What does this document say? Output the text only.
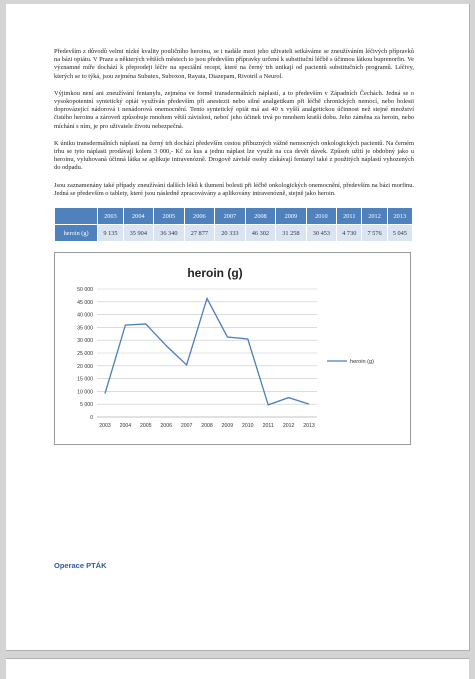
Především z důvodů velmi nízké kvality pouličního heroinu, se i nadále mezi jeho uživateli setkáváme se zneužíváním léčivých přípravků na bázi opiátu. V Praze a některých větších městech to jsou především přípravky určené k substituční léčbě s účinnou látkou buprenorfin. Ve významné míře dochází k přeprodeji léčiv na speciální recept, které na černý trh unikají od pacientů substitučních programů. Léčivy, kterých se to týká, jsou zejména Subutex, Suboxon, Rayata, Diazepam, Rivotril a Neurol.

Výjimkou není ani zneužívání fentanylu, zejména ve formě transdermálních náplastí, a to především v Západních Čechách. Jedná se o vysokopotentní syntetický opiát využíván především při anestezii nebo silné analgetikum při léčbě chronických nemocí, nebo bolesti doprovázející nádorová i nenádorová onemocnění. Tento syntetický opiát má asi 40 x vyšší analgetickou účinnost než stejné množství čistého heroinu a zároveň způsobuje mnohem větší závislost, neboť jeho účinek trvá po mnohem kratší dobu. Jeho záměna za heroin, nebo míchání s ním, je pro uživatele životu nebezpečná.

K úniku transdermálních náplastí na černý trh dochází především cestou příbuzných vážně nemocných onkologických pacientů. Na černém trhu se tyto náplasti prodávají kolem 3 000,- Kč za kus a jednu náplast lze využít na cca devět dávek. Způsob užití je obdobný jako u heroinu, vyluhovaná účinná látka se aplikuje intravenózně. Drogově závislé osoby získávají fentanyl také z použitých náplastí vyhozených do odpadu.

Jsou zaznamenány také případy zneužívání dalších léků k tlumení bolesti při léčbě onkologických onemocnění, především na bázi morfinu. Jedná se především o tablety, které jsou následně zpracovávány a aplikovány intravenózně, stejně jako heroin.

	2003	2004	2005	2006	2007	2008	2009	2010	2011	2012	2013
heroin (g)	9 135	35 904	36 340	27 877	20 333	46 302	31 258	30 453	4 730	7 576	5 045
heroin (g)
50 000
45 000
40 000
35 000
30 000
25 000
20 000
15 000
10 000
5 000
0
2003 2004 2005 2006 2007 2008 2009 2010 2011 2012 2013
heroin (g)
Operace PTÁK
